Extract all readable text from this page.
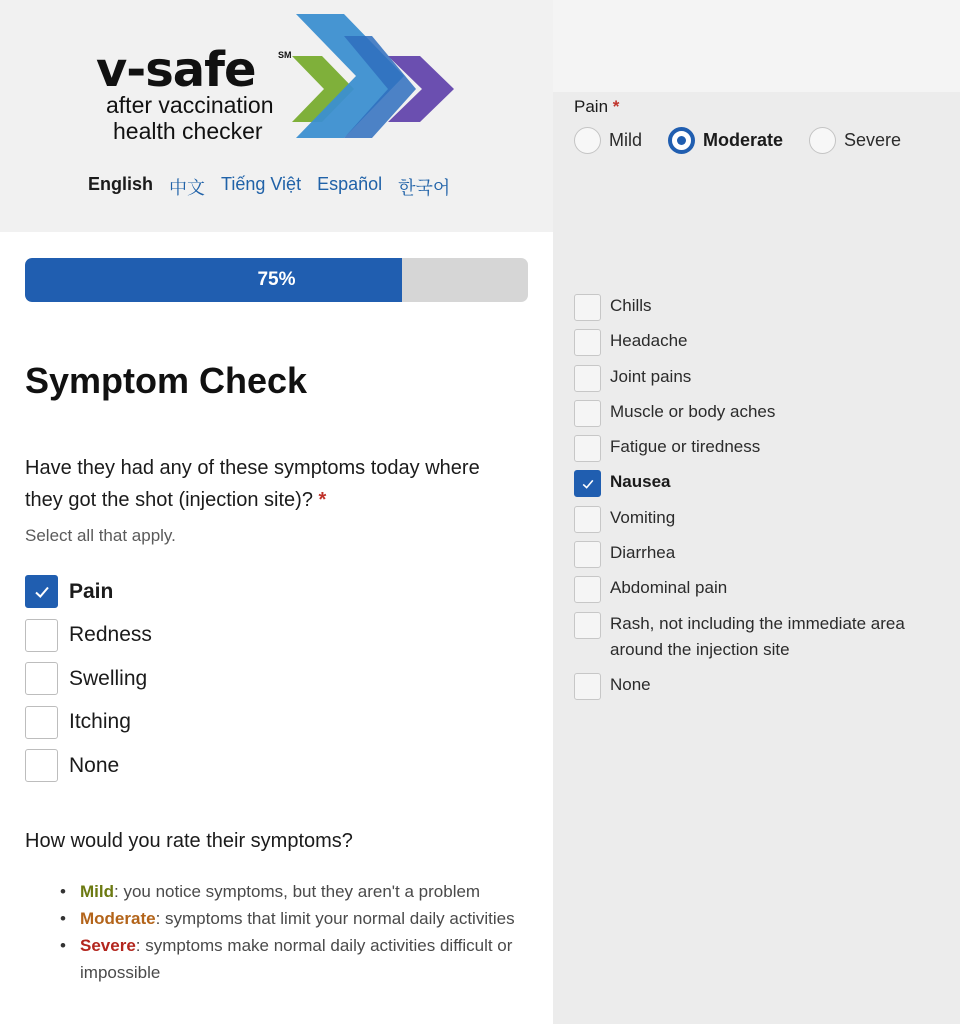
v-safe SM
after vaccination
health checker
English 中文 Tiếng Việt Español 한국어
75%
Symptom Check
Have they had any of these symptoms today where they got the shot (injection site)? *
Select all that apply.
Pain
Redness
Swelling
Itching
None
How would you rate their symptoms?
• Mild: you notice symptoms, but they aren't a problem
• Moderate: symptoms that limit your normal daily activities
• Severe: symptoms make normal daily activities difficult or impossible
Pain *
Mild	Moderate	Severe
Chills
Headache
Joint pains
Muscle or body aches
Fatigue or tiredness
Nausea
Vomiting
Diarrhea
Abdominal pain
Rash, not including the immediate area around the injection site
None
